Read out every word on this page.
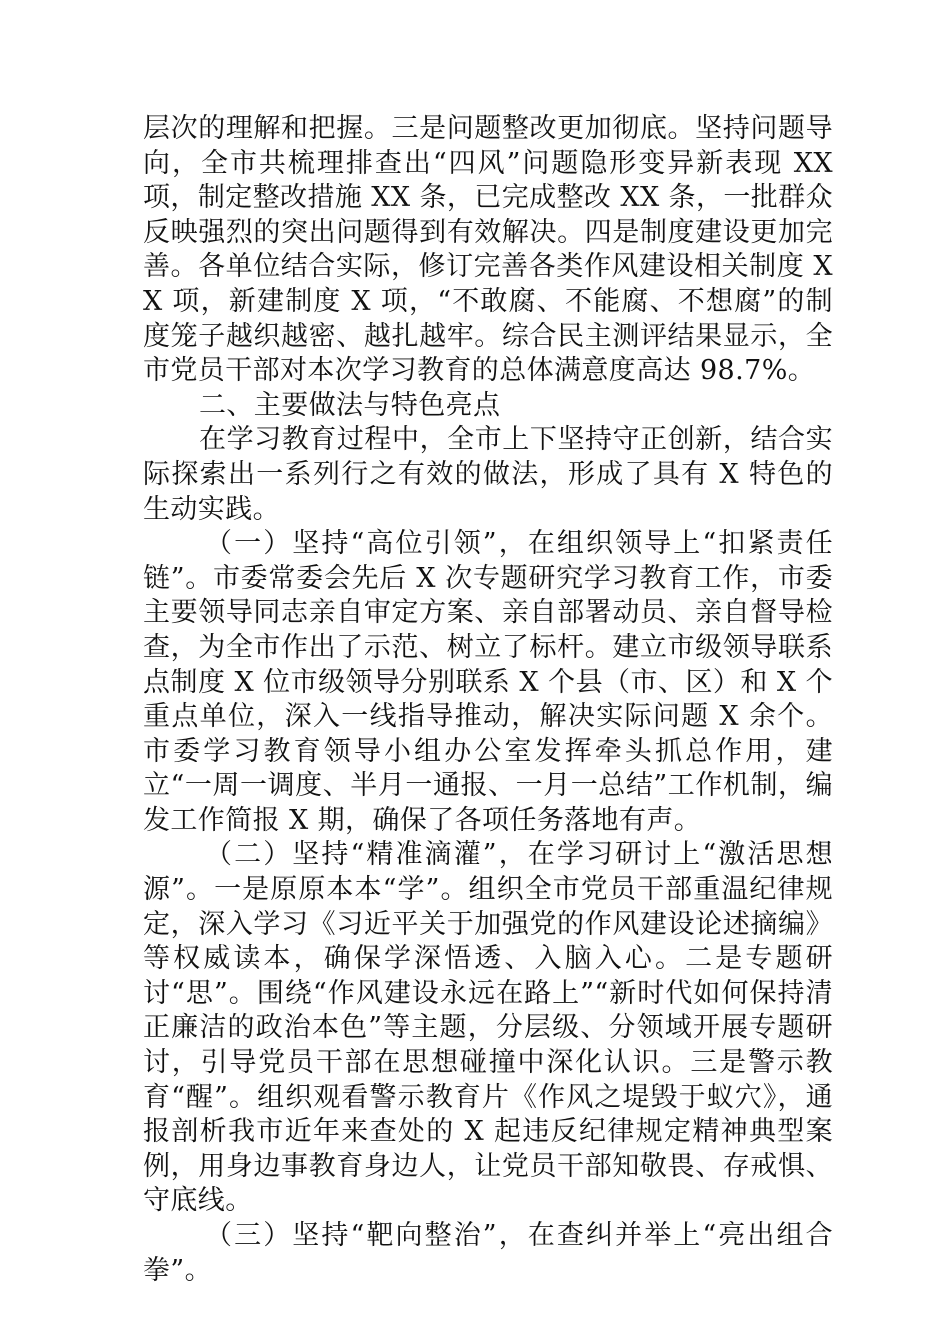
层次的理解和把握。三是问题整改更加彻底。坚持问题导向，全市共梳理排查出“四风”问题隐形变异新表现 XX 项，制定整改措施 XX 条，已完成整改 XX 条，一批群众反映强烈的突出问题得到有效解决。四是制度建设更加完善。各单位结合实际，修订完善各类作风建设相关制度 XX 项，新建制度 X 项，“不敢腐、不能腐、不想腐”的制度笼子越织越密、越扎越牢。综合民主测评结果显示，全市党员干部对本次学习教育的总体满意度高达 98.7%。

二、主要做法与特色亮点

在学习教育过程中，全市上下坚持守正创新，结合实际探索出一系列行之有效的做法，形成了具有 X 特色的生动实践。

（一）坚持“高位引领”，在组织领导上“扣紧责任链”。市委常委会先后 X 次专题研究学习教育工作，市委主要领导同志亲自审定方案、亲自部署动员、亲自督导检查，为全市作出了示范、树立了标杆。建立市级领导联系点制度 X 位市级领导分别联系 X 个县（市、区）和 X 个重点单位，深入一线指导推动，解决实际问题 X 余个。市委学习教育领导小组办公室发挥牵头抓总作用，建立“一周一调度、半月一通报、一月一总结”工作机制，编发工作简报 X 期，确保了各项任务落地有声。

（二）坚持“精准滴灌”，在学习研讨上“激活思想源”。一是原原本本“学”。组织全市党员干部重温纪律规定，深入学习《习近平关于加强党的作风建设论述摘编》等权威读本，确保学深悟透、入脑入心。二是专题研讨“思”。围绕“作风建设永远在路上”“新时代如何保持清正廉洁的政治本色”等主题，分层级、分领域开展专题研讨，引导党员干部在思想碰撞中深化认识。三是警示教育“醒”。组织观看警示教育片《作风之堤毁于蚁穴》，通报剖析我市近年来查处的 X 起违反纪律规定精神典型案例，用身边事教育身边人，让党员干部知敬畏、存戒惧、守底线。

（三）坚持“靶向整治”，在查纠并举上“亮出组合拳”。
